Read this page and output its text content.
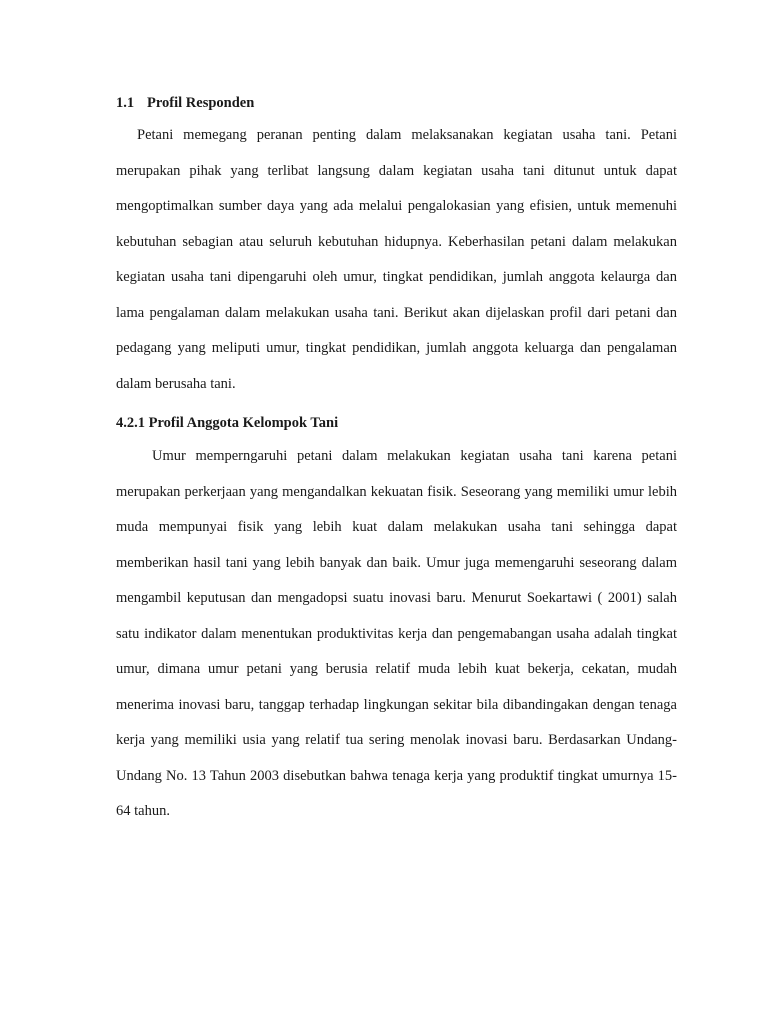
1.1 Profil Responden

Petani memegang peranan penting dalam melaksanakan kegiatan usaha tani. Petani merupakan pihak yang terlibat langsung dalam kegiatan usaha tani ditunut untuk dapat mengoptimalkan sumber daya yang ada melalui pengalokasian yang efisien, untuk memenuhi kebutuhan sebagian atau seluruh kebutuhan hidupnya. Keberhasilan petani dalam melakukan kegiatan usaha tani dipengaruhi oleh umur, tingkat pendidikan, jumlah anggota kelaurga dan lama pengalaman dalam melakukan usaha tani. Berikut akan dijelaskan profil dari petani dan pedagang yang meliputi umur, tingkat pendidikan, jumlah anggota keluarga dan pengalaman dalam berusaha tani.

4.2.1 Profil Anggota Kelompok Tani

Umur memperngaruhi petani dalam melakukan kegiatan usaha tani karena petani merupakan perkerjaan yang mengandalkan kekuatan fisik. Seseorang yang memiliki umur lebih muda mempunyai fisik yang lebih kuat dalam melakukan usaha tani sehingga dapat memberikan hasil tani yang lebih banyak dan baik. Umur juga memengaruhi seseorang dalam mengambil keputusan dan mengadopsi suatu inovasi baru. Menurut Soekartawi ( 2001) salah satu indikator dalam menentukan produktivitas kerja dan pengemabangan usaha adalah tingkat umur, dimana umur petani yang berusia relatif muda lebih kuat bekerja, cekatan, mudah menerima inovasi baru, tanggap terhadap lingkungan sekitar bila dibandingakan dengan tenaga kerja yang memiliki usia yang relatif tua sering menolak inovasi baru. Berdasarkan Undang-Undang No. 13 Tahun 2003 disebutkan bahwa tenaga kerja yang produktif tingkat umurnya 15-64 tahun.
